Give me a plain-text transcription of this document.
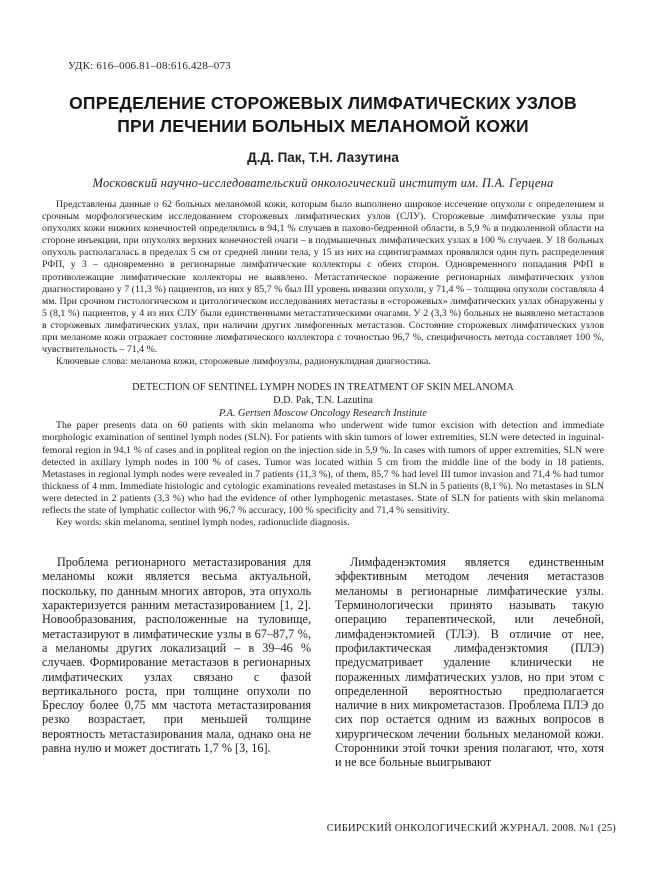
УДК: 616–006.81–08:616.428–073
ОПРЕДЕЛЕНИЕ СТОРОЖЕВЫХ ЛИМФАТИЧЕСКИХ УЗЛОВ
ПРИ ЛЕЧЕНИИ БОЛЬНЫХ МЕЛАНОМОЙ КОЖИ
Д.Д. Пак, Т.Н. Лазутина
Московский научно-исследовательский онкологический институт им. П.А. Герцена

Представлены данные о 62 больных меланомой кожи, которым было выполнено широкое иссечение опухоли с определением и срочным морфологическим исследованием сторожевых лимфатических узлов (СЛУ). Сторожевые лимфатические узлы при опухолях кожи нижних конечностей определялись в 94,1 % случаев в пахово-бедренной области, в 5,9 % в подколенной области на стороне инъекции, при опухолях верхних конечностей очаги – в подмышечных лимфатических узлах в 100 % случаев. У 18 больных опухоль располагалась в пределах 5 см от средней линии тела, у 15 из них на сцинтиграммах проявлялся один путь распределения РФП, у 3 – одновременно в регионарные лимфатические коллекторы с обеих сторон. Одновременного попадания РФП в противолежащие лимфатические коллекторы не выявлено. Метастатическое поражение регионарных лимфатических узлов диагностировано у 7 (11,3 %) пациентов, из них у 85,7 % был III уровень инвазии опухоли, у 71,4 % – толщина опухоли составляла 4 мм. При срочном гистологическом и цитологическом исследованиях метастазы в «сторожевых» лимфатических узлах обнаружены у 5 (8,1 %) пациентов, у 4 из них СЛУ были единственными метастатическими очагами. У 2 (3,3 %) больных не выявлено метастазов в сторожевых лимфатических узлах, при наличии других лимфогенных метастазов. Состояние сторожевых лимфатических узлов при меланоме кожи отражает состояние лимфатического коллектора с точностью 96,7 %, специфичность метода составляет 100 %, чувствительность – 71,4 %.

Ключевые слова: меланома кожи, сторожевые лимфоузлы, радионуклидная диагностика.

DETECTION OF SENTINEL LYMPH NODES IN TREATMENT OF SKIN MELANOMA
D.D. Pak, T.N. Lazutina
P.A. Gertsen Moscow Oncology Research Institute

The paper presents data on 60 patients with skin melanoma who underwent wide tumor excision with detection and immediate morphologic examination of sentinel lymph nodes (SLN). For patients with skin tumors of lower extremities, SLN were detected in inguinal-femoral region in 94,1 % of cases and in popliteal region on the injection side in 5,9 %. In cases with tumors of upper extremities, SLN were detected in axillary lymph nodes in 100 % of cases. Tumor was located within 5 cm from the middle line of the body in 18 patients. Metastases in regional lymph nodes were revealed in 7 patients (11,3 %), of them, 85,7 % had level III tumor invasion and 71,4 % had tumor thickness of 4 mm. Immediate histologic and cytologic examinations revealed metastases in SLN in 5 patients (8,1 %). No metastases in SLN were detected in 2 patients (3,3 %) who had the evidence of other lymphogenic metastases. State of SLN for patients with skin melanoma reflects the state of lymphatic collector with 96,7 % accuracy, 100 % specificity and 71,4 % sensitivity.

Key words: skin melanoma, sentinel lymph nodes, radionuclide diagnosis.

Проблема регионарного метастазирования для меланомы кожи является весьма актуальной, поскольку, по данным многих авторов, эта опухоль характеризуется ранним метастазированием [1, 2]. Новообразования, расположенные на туловище, метастазируют в лимфатические узлы в 67–87,7 %, а меланомы других локализаций – в 39–46 % случаев. Формирование метастазов в регионарных лимфатических узлах связано с фазой вертикального роста, при толщине опухоли по Бреслоу более 0,75 мм частота метастазирования резко возрастает, при меньшей толщине вероятность метастазирования мала, однако она не равна нулю и может достигать 1,7 % [3, 16].
Лимфаденэктомия является единственным эффективным методом лечения метастазов меланомы в регионарные лимфатические узлы. Терминологически принято называть такую операцию терапевтической, или лечебной, лимфаденэктомией (ТЛЭ). В отличие от нее, профилактическая лимфаденэктомия (ПЛЭ) предусматривает удаление клинически не пораженных лимфатических узлов, но при этом с определенной вероятностью предполагается наличие в них микрометастазов. Проблема ПЛЭ до сих пор остается одним из важных вопросов в хирургическом лечении больных меланомой кожи. Сторонники этой точки зрения полагают, что, хотя и не все больные выигрывают
СИБИРСКИЙ ОНКОЛОГИЧЕСКИЙ ЖУРНАЛ. 2008. №1 (25)
